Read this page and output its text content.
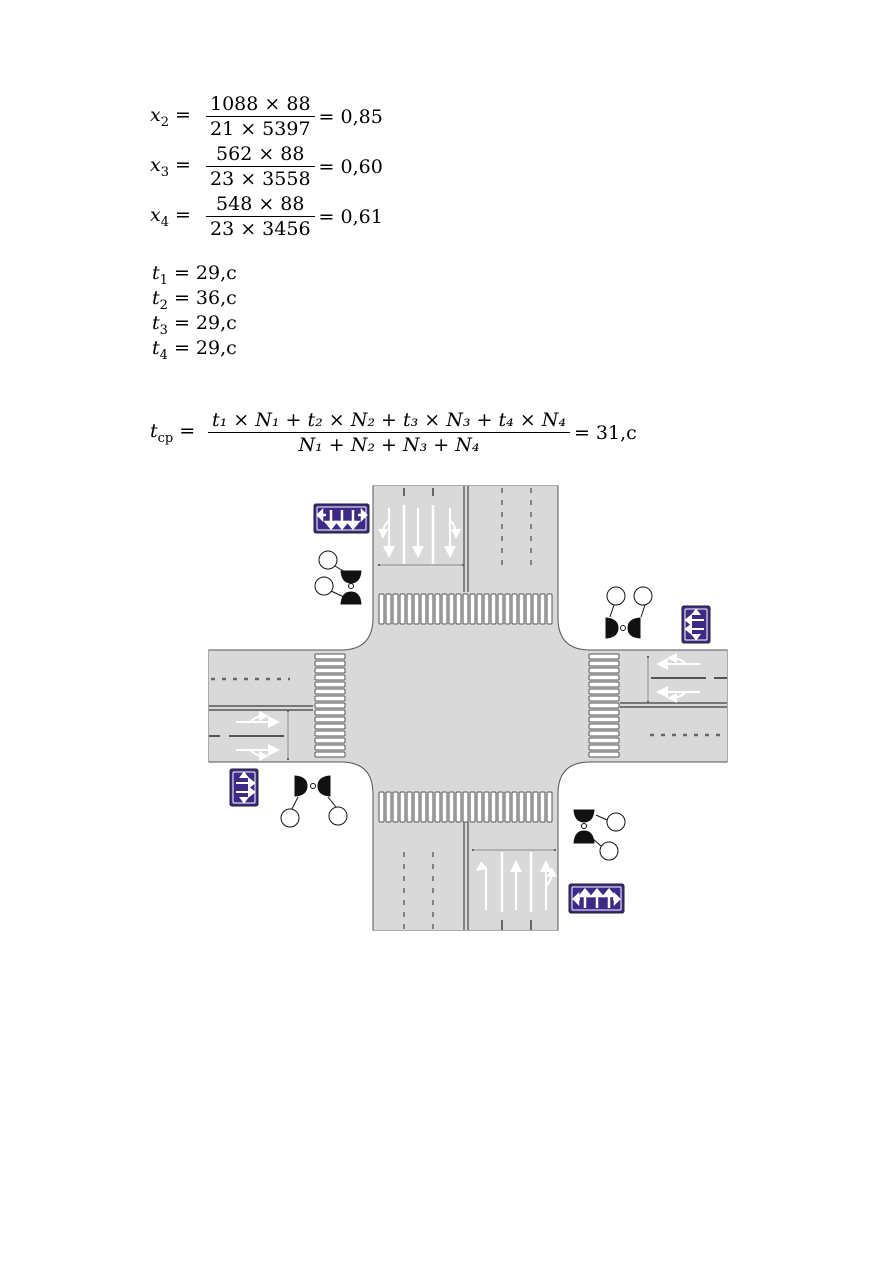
$x_2 = \frac{1088 \times 88}{21 \times 5397} = 0,85$
$x_3 = \frac{562 \times 88}{23 \times 3558} = 0,60$
$x_4 = \frac{548 \times 88}{23 \times 3456} = 0,61$
$t_1 = 29,с$
$t_2 = 36,с$
$t_3 = 29,с$
$t_4 = 29,с$
$t_{ср} = \frac{\text{t₁ × N₁ + t₂ × N₂ + t₃ × N₃ + t₄ × N₄}}{\text{N₁ + N₂ + N₃ + N₄}} = 31,с$
